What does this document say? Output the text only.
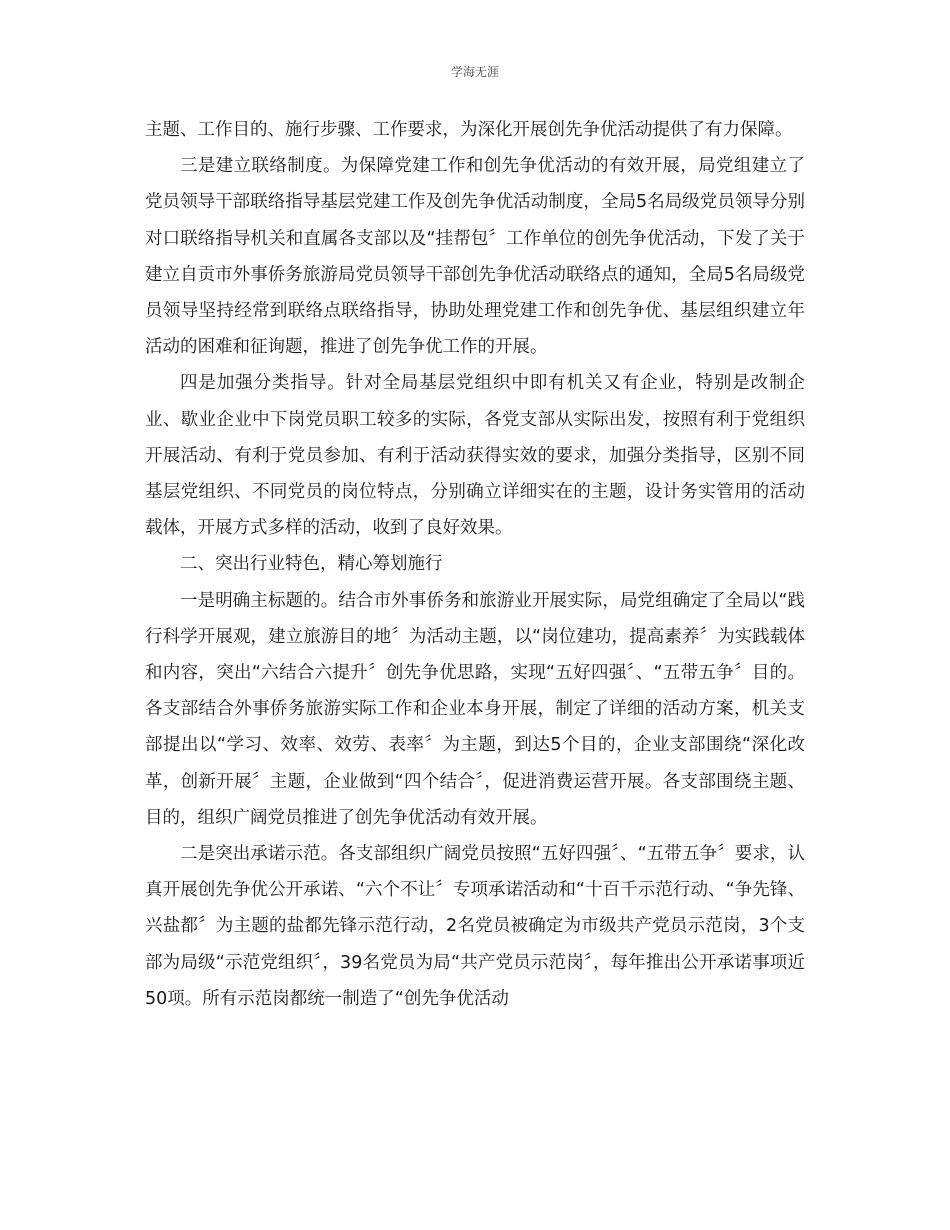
学海无涯

主题、工作目的、施行步骤、工作要求，为深化开展创先争优活动提供了有力保障。

三是建立联络制度。为保障党建工作和创先争优活动的有效开展，局党组建立了党员领导干部联络指导基层党建工作及创先争优活动制度，全局5名局级党员领导分别对口联络指导机关和直属各支部以及“挂帮包〞工作单位的创先争优活动，下发了关于建立自贡市外事侨务旅游局党员领导干部创先争优活动联络点的通知，全局5名局级党员领导坚持经常到联络点联络指导，协助处理党建工作和创先争优、基层组织建立年活动的困难和征询题，推进了创先争优工作的开展。

四是加强分类指导。针对全局基层党组织中即有机关又有企业，特别是改制企业、歇业企业中下岗党员职工较多的实际，各党支部从实际出发，按照有利于党组织开展活动、有利于党员参加、有利于活动获得实效的要求，加强分类指导，区别不同基层党组织、不同党员的岗位特点，分别确立详细实在的主题，设计务实管用的活动载体，开展方式多样的活动，收到了良好效果。

二、突出行业特色，精心筹划施行

一是明确主标题的。结合市外事侨务和旅游业开展实际，局党组确定了全局以“践行科学开展观，建立旅游目的地〞为活动主题，以“岗位建功，提高素养〞为实践载体和内容，突出“六结合六提升〞创先争优思路，实现“五好四强〞、“五带五争〞目的。各支部结合外事侨务旅游实际工作和企业本身开展，制定了详细的活动方案，机关支部提出以“学习、效率、效劳、表率〞为主题，到达5个目的，企业支部围绕“深化改革，创新开展〞主题，企业做到“四个结合〞，促进消费运营开展。各支部围绕主题、目的，组织广阔党员推进了创先争优活动有效开展。

二是突出承诺示范。各支部组织广阔党员按照“五好四强〞、“五带五争〞要求，认真开展创先争优公开承诺、“六个不让〞专项承诺活动和“十百千示范行动、“争先锋、兴盐都〞为主题的盐都先锋示范行动，2名党员被确定为市级共产党员示范岗，3个支部为局级“示范党组织〞，39名党员为局“共产党员示范岗〞，每年推出公开承诺事项近50项。所有示范岗都统一制造了“创先争优活动
